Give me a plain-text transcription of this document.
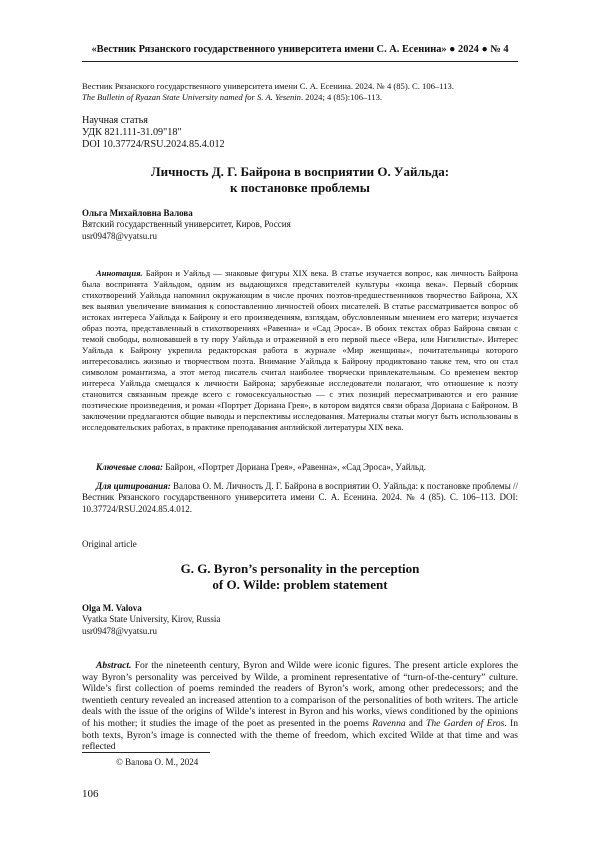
«Вестник Рязанского государственного университета имени С. А. Есенина» ● 2024 ● № 4
Вестник Рязанского государственного университета имени С. А. Есенина. 2024. № 4 (85). С. 106–113.
The Bulletin of Ryazan State University named for S. A. Yesenin. 2024; 4 (85):106–113.
Научная статья
УДК 821.111-31.09"18"
DOI 10.37724/RSU.2024.85.4.012
Личность Д. Г. Байрона в восприятии О. Уайльда:
к постановке проблемы
Ольга Михайловна Валова
Вятский государственный университет, Киров, Россия
usr09478@vyatsu.ru
Аннотация. Байрон и Уайльд — знаковые фигуры XIX века. В статье изучается вопрос, как личность Байрона была воспринята Уайльдом, одним из выдающихся представителей культуры «конца века». Первый сборник стихотворений Уайльда напомнил окружающим в числе прочих поэтов-предшественников творчество Байрона, XX век выявил увеличение внимания к сопоставлению личностей обоих писателей. В статье рассматривается вопрос об истоках интереса Уайльда к Байрону и его произведениям, взглядам, обусловленным мнением его матери; изучается образ поэта, представленный в стихотворениях «Равенна» и «Сад Эроса». В обоих текстах образ Байрона связан с темой свободы, волновавшей в ту пору Уайльда и отраженной в его первой пьесе «Вера, или Нигилисты». Интерес Уайльда к Байрону укрепила редакторская работа в журнале «Мир женщины», почитательницы которого интересовались жизнью и творчеством поэта. Внимание Уайльда к Байрону продиктовано также тем, что он стал символом романтизма, а этот метод писатель считал наиболее творчески привлекательным. Со временем вектор интереса Уайльда смещался к личности Байрона; зарубежные исследователи полагают, что отношение к поэту становится связанным прежде всего с гомосексуальностью — с этих позиций пересматриваются и его ранние поэтические произведения, и роман «Портрет Дориана Грея», в котором видятся связи образа Дориана с Байроном. В заключении предлагаются общие выводы и перспективы исследования. Материалы статьи могут быть использованы в исследовательских работах, в практике преподавания английской литературы XIX века.
Ключевые слова: Байрон, «Портрет Дориана Грея», «Равенна», «Сад Эроса», Уайльд.
Для цитирования: Валова О. М. Личность Д. Г. Байрона в восприятии О. Уайльда: к постановке проблемы // Вестник Рязанского государственного университета имени С. А. Есенина. 2024. № 4 (85). С. 106–113. DOI: 10.37724/RSU.2024.85.4.012.
Original article
G. G. Byron’s personality in the perception
of O. Wilde: problem statement
Olga M. Valova
Vyatka State University, Kirov, Russia
usr09478@vyatsu.ru
Abstract. For the nineteenth century, Byron and Wilde were iconic figures. The present article explores the way Byron’s personality was perceived by Wilde, a prominent representative of “turn-of-the-century” culture. Wilde’s first collection of poems reminded the readers of Byron’s work, among other predecessors; and the twentieth century revealed an increased attention to a comparison of the personalities of both writers. The article deals with the issue of the origins of Wilde’s interest in Byron and his works, views conditioned by the opinions of his mother; it studies the image of the poet as presented in the poems Ravenna and The Garden of Eros. In both texts, Byron’s image is connected with the theme of freedom, which excited Wilde at that time and was reflected
© Валова О. М., 2024
106
